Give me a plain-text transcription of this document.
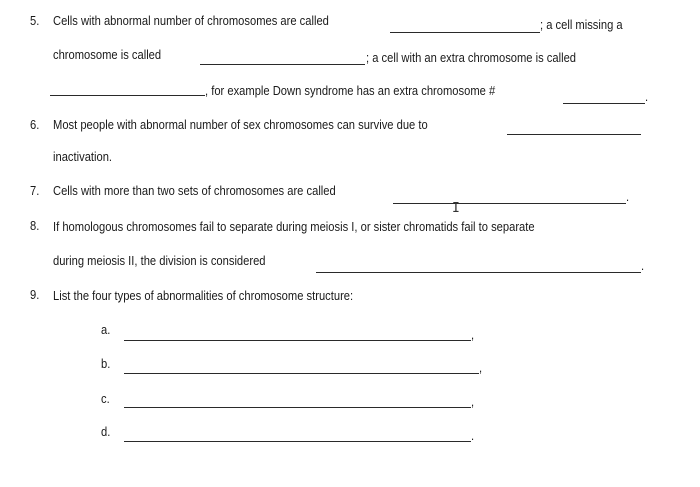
5. Cells with abnormal number of chromosomes are called	; a cell missing a
chromosome is called	; a cell with an extra chromosome is called
, for example Down syndrome has an extra chromosome #	.
6. Most people with abnormal number of sex chromosomes can survive due to
inactivation.
7. Cells with more than two sets of chromosomes are called	.
I
8. If homologous chromosomes fail to separate during meiosis I, or sister chromatids fail to separate
during meiosis II, the division is considered	.
9. List the four types of abnormalities of chromosome structure:
a.	,
b.	,
c.	,
d.	.
